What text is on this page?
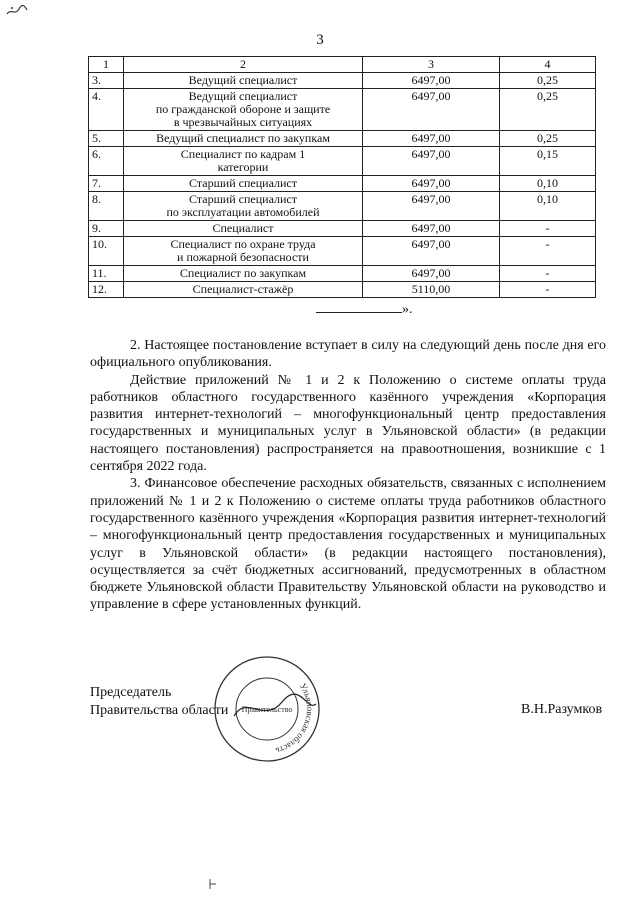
3
1	2	3	4
3.	Ведущий специалист	6497,00	0,25
4.	Ведущий специалист
по гражданской обороне и защите
в чрезвычайных ситуациях	6497,00	0,25
5.	Ведущий специалист по закупкам	6497,00	0,25
6.	Специалист по кадрам 1
категории	6497,00	0,15
7.	Старший специалист	6497,00	0,10
8.	Старший специалист
по эксплуатации автомобилей	6497,00	0,10
9.	Специалист	6497,00	-
10.	Специалист по охране труда
и пожарной безопасности	6497,00	-
11.	Специалист по закупкам	6497,00	-
12.	Специалист-стажёр	5110,00	-
».

2. Настоящее постановление вступает в силу на следующий день после дня его официального опубликования.

Действие приложений № 1 и 2 к Положению о системе оплаты труда работников областного государственного казённого учреждения «Корпорация развития интернет-технологий – многофункциональный центр предоставления государственных и муниципальных услуг в Ульяновской области» (в редакции настоящего постановления) распространяется на правоотношения, возникшие с 1 сентября 2022 года.

3. Финансовое обеспечение расходных обязательств, связанных с исполнением приложений № 1 и 2 к Положению о системе оплаты труда работников областного государственного казённого учреждения «Корпорация развития интернет-технологий – многофункциональный центр предоставления государственных и муниципальных услуг в Ульяновской области» (в редакции настоящего постановления), осуществляется за счёт бюджетных ассигнований, предусмотренных в областном бюджете Ульяновской области Правительству Ульяновской области на руководство и управление в сфере установленных функций.

Председатель
Правительства области
Ульяновская область
Правительство	В.Н.Разумков
